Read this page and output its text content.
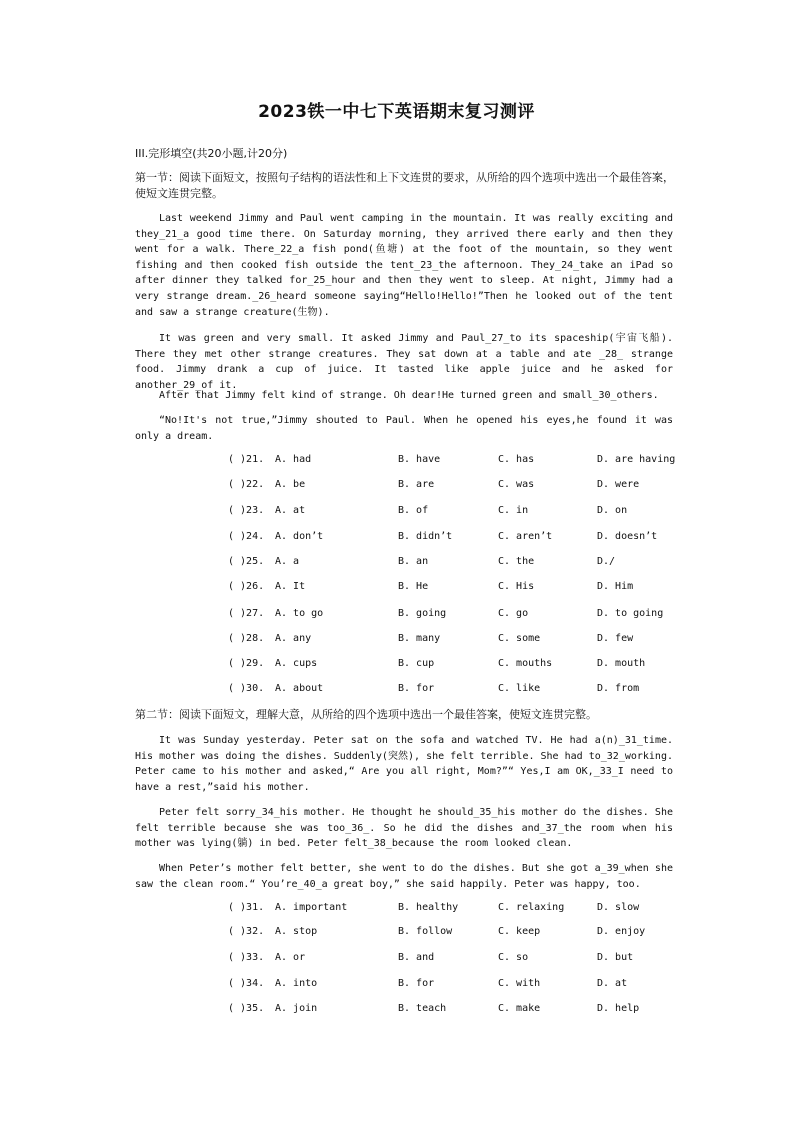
2023铁一中七下英语期末复习测评
III.完形填空(共20小题,计20分)
第一节：阅读下面短文，按照句子结构的语法性和上下文连贯的要求，从所给的四个选项中选出一个最佳答案，使短文连贯完整。
Last weekend Jimmy and Paul went camping in the mountain. It was really exciting and they_21_a good time there. On Saturday morning, they arrived there early and then they went for a walk. There_22_a fish pond(鱼塘) at the foot of the mountain, so they went fishing and then cooked fish outside the tent_23_the afternoon. They_24_take an iPad so after dinner they talked for_25_hour and then they went to sleep. At night, Jimmy had a very strange dream._26_heard someone saying“Hello!Hello!”Then he looked out of the tent and saw a strange creature(生物).
It was green and very small. It asked Jimmy and Paul_27_to its spaceship(宇宙飞船). There they met other strange creatures. They sat down at a table and ate _28_ strange food. Jimmy drank a cup of juice. It tasted like apple juice and he asked for another_29_of it.
After that Jimmy felt kind of strange. Oh dear!He turned green and small_30_others.
“No!It's not true,”Jimmy shouted to Paul. When he opened his eyes,he found it was only a dream.
( )21. A. had	B. have	C. has	D. are having
( )22. A. be	B. are	C. was	D. were
( )23. A. at	B. of	C. in	D. on
( )24. A. don’t	B. didn’t	C. aren’t	D. doesn’t
( )25. A. a	B. an	C. the	D./
( )26. A. It	B. He	C. His	D. Him
( )27. A. to go	B. going	C. go	D. to going
( )28. A. any	B. many	C. some	D. few
( )29. A. cups	B. cup	C. mouths	D. mouth
( )30. A. about	B. for	C. like	D. from
第二节：阅读下面短文，理解大意，从所给的四个选项中选出一个最佳答案，使短文连贯完整。
It was Sunday yesterday. Peter sat on the sofa and watched TV. He had a(n)_31_time. His mother was doing the dishes. Suddenly(突然), she felt terrible. She had to_32_working. Peter came to his mother and asked,“ Are you all right, Mom?”“ Yes,I am OK,_33_I need to have a rest,”said his mother.
Peter felt sorry_34_his mother. He thought he should_35_his mother do the dishes. She felt terrible because she was too_36_. So he did the dishes and_37_the room when his mother was lying(躺) in bed. Peter felt_38_because the room looked clean.
When Peter’s mother felt better, she went to do the dishes. But she got a_39_when she saw the clean room.“ You’re_40_a great boy,” she said happily. Peter was happy, too.
( )31. A. important	B. healthy	C. relaxing	D. slow
( )32. A. stop	B. follow	C. keep	D. enjoy
( )33. A. or	B. and	C. so	D. but
( )34. A. into	B. for	C. with	D. at
( )35. A. join	B. teach	C. make	D. help
